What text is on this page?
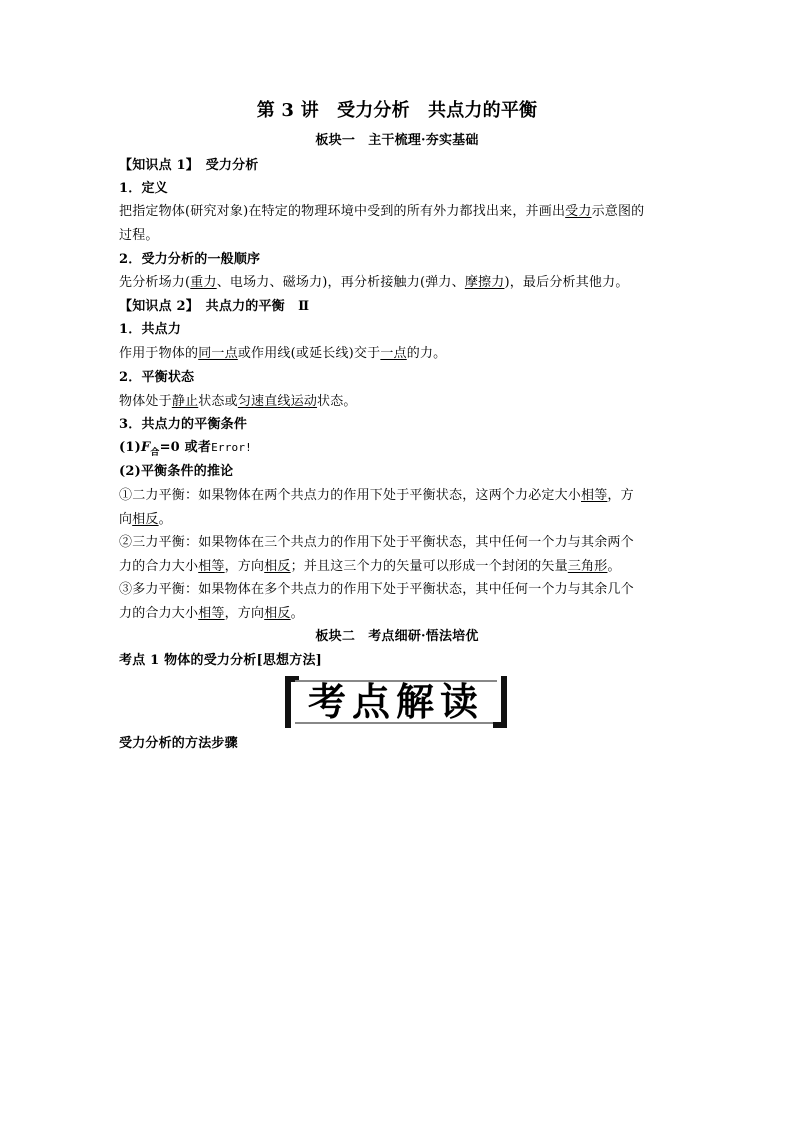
第 3 讲　受力分析　共点力的平衡
板块一　主干梳理·夯实基础
【知识点 1】　受力分析
1．定义
把指定物体(研究对象)在特定的物理环境中受到的所有外力都找出来，并画出受力示意图的
过程。
2．受力分析的一般顺序
先分析场力(重力、电场力、磁场力)，再分析接触力(弹力、摩擦力)，最后分析其他力。
【知识点 2】　共点力的平衡　Ⅱ
1．共点力
作用于物体的同一点或作用线(或延长线)交于一点的力。
2．平衡状态
物体处于静止状态或匀速直线运动状态。
3．共点力的平衡条件
$(1)F_合=0$ 或者Error!
(2)平衡条件的推论
①二力平衡：如果物体在两个共点力的作用下处于平衡状态，这两个力必定大小相等，方
向相反。
②三力平衡：如果物体在三个共点力的作用下处于平衡状态，其中任何一个力与其余两个
力的合力大小相等，方向相反；并且这三个力的矢量可以形成一个封闭的矢量三角形。
③多力平衡：如果物体在多个共点力的作用下处于平衡状态，其中任何一个力与其余几个
力的合力大小相等，方向相反。
板块二　考点细研·悟法培优
考点 1 物体的受力分析[思想方法]
考点解读
受力分析的方法步骤
